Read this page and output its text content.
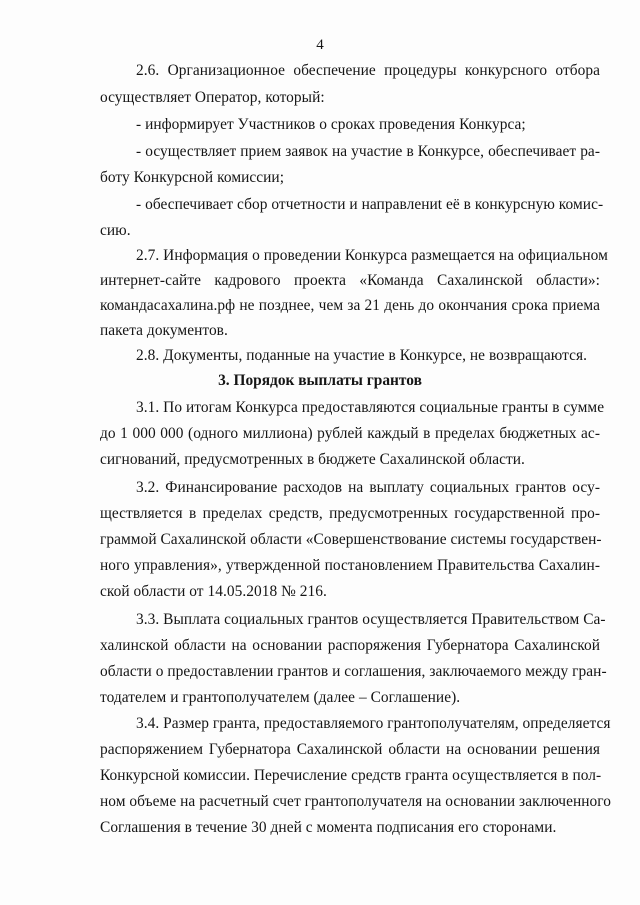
4
2.6. Организационное обеспечение процедуры конкурсного отбора
осуществляет Оператор, который:
- информирует Участников о сроках проведения Конкурса;
- осуществляет прием заявок на участие в Конкурсе, обеспечивает ра-
боту Конкурсной комиссии;
- обеспечивает сбор отчетности и направлениt её в конкурсную комис-
сию.
2.7. Информация о проведении Конкурса размещается на официальном
интернет-сайте кадрового проекта «Команда Сахалинской области»:
командасахалина.рф не позднее, чем за 21 день до окончания срока приема
пакета документов.
2.8. Документы, поданные на участие в Конкурсе, не возвращаются.
3. Порядок выплаты грантов
3.1. По итогам Конкурса предоставляются социальные гранты в сумме
до 1 000 000 (одного миллиона) рублей каждый в пределах бюджетных ас-
сигнований, предусмотренных в бюджете Сахалинской области.
3.2. Финансирование расходов на выплату социальных грантов осу-
ществляется в пределах средств, предусмотренных государственной про-
граммой Сахалинской области «Совершенствование системы государствен-
ного управления», утвержденной постановлением Правительства Сахалин-
ской области от 14.05.2018 № 216.
3.3. Выплата социальных грантов осуществляется Правительством Са-
халинской области на основании распоряжения Губернатора Сахалинской
области о предоставлении грантов и соглашения, заключаемого между гран-
тодателем и грантополучателем (далее – Соглашение).
3.4. Размер гранта, предоставляемого грантополучателям, определяется
распоряжением Губернатора Сахалинской области на основании решения
Конкурсной комиссии. Перечисление средств гранта осуществляется в пол-
ном объеме на расчетный счет грантополучателя на основании заключенного
Соглашения в течение 30 дней с момента подписания его сторонами.
